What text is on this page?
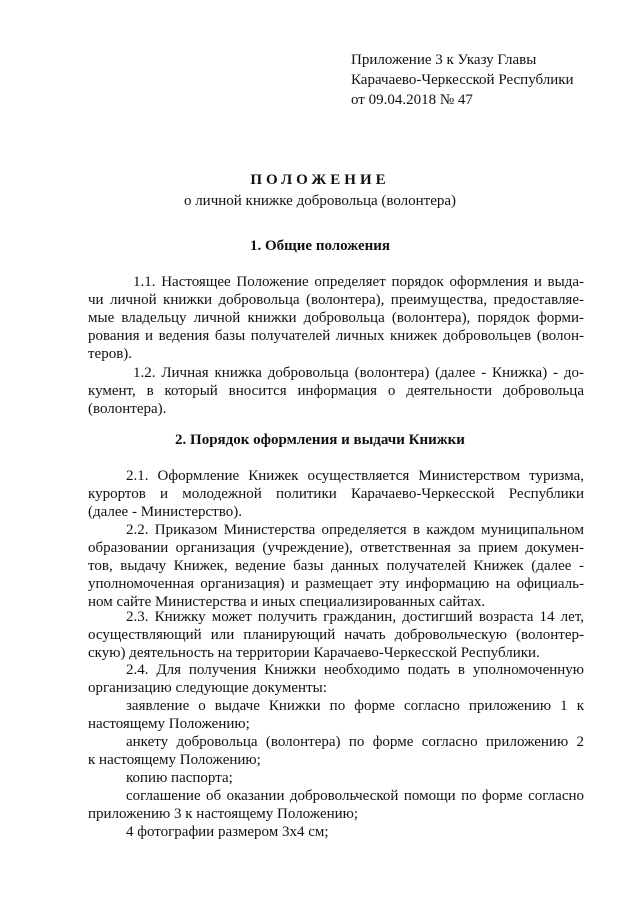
Приложение 3 к Указу Главы
Карачаево-Черкесской Республики
от 09.04.2018 № 47
ПОЛОЖЕНИЕ
о личной книжке добровольца (волонтера)
1. Общие положения
1.1. Настоящее Положение определяет порядок оформления и выда-
чи личной книжки добровольца (волонтера), преимущества, предоставляе-
мые владельцу личной книжки добровольца (волонтера), порядок форми-
рования и ведения базы получателей личных книжек добровольцев (волон-
теров).
1.2. Личная книжка добровольца (волонтера) (далее - Книжка) - до-
кумент, в который вносится информация о деятельности добровольца
(волонтера).
2. Порядок оформления и выдачи Книжки
2.1. Оформление Книжек осуществляется Министерством туризма,
курортов и молодежной политики Карачаево-Черкесской Республики
(далее - Министерство).
2.2. Приказом Министерства определяется в каждом муниципальном
образовании организация (учреждение), ответственная за прием докумен-
тов, выдачу Книжек, ведение базы данных получателей Книжек (далее -
уполномоченная организация) и размещает эту информацию на официаль-
ном сайте Министерства и иных специализированных сайтах.
2.3. Книжку может получить гражданин, достигший возраста 14 лет,
осуществляющий или планирующий начать добровольческую (волонтер-
скую) деятельность на территории Карачаево-Черкесской Республики.
2.4. Для получения Книжки необходимо подать в уполномоченную
организацию следующие документы:
заявление о выдаче Книжки по форме согласно приложению 1 к
настоящему Положению;
анкету добровольца (волонтера) по форме согласно приложению 2
к настоящему Положению;
копию паспорта;
соглашение об оказании добровольческой помощи по форме согласно
приложению 3 к настоящему Положению;
4 фотографии размером 3х4 см;
